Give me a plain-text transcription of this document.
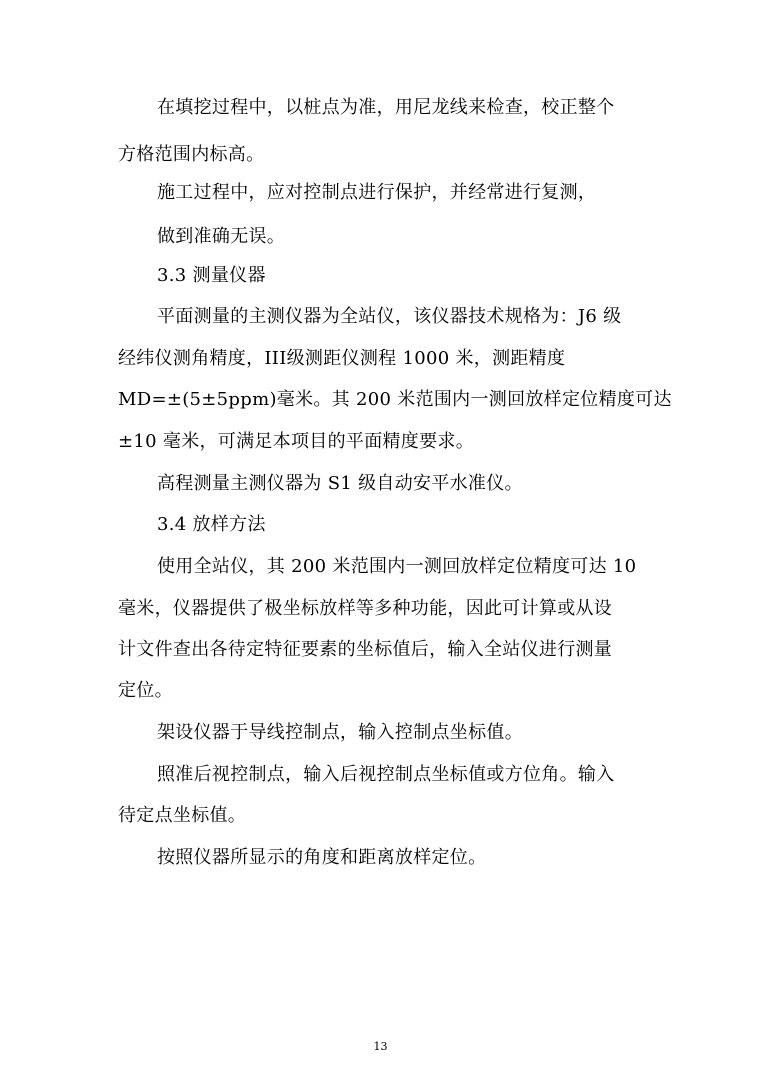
在填挖过程中，以桩点为准，用尼龙线来检查，校正整个
方格范围内标高。
施工过程中，应对控制点进行保护，并经常进行复测，
做到准确无误。
3.3 测量仪器
平面测量的主测仪器为全站仪，该仪器技术规格为：J6 级
经纬仪测角精度，III级测距仪测程 1000 米，测距精度
MD=±(5±5ppm)毫米。其 200 米范围内一测回放样定位精度可达
±10 毫米，可满足本项目的平面精度要求。
高程测量主测仪器为 S1 级自动安平水准仪。
3.4 放样方法
使用全站仪，其 200 米范围内一测回放样定位精度可达 10
毫米，仪器提供了极坐标放样等多种功能，因此可计算或从设
计文件查出各待定特征要素的坐标值后，输入全站仪进行测量
定位。
架设仪器于导线控制点，输入控制点坐标值。
照准后视控制点，输入后视控制点坐标值或方位角。输入
待定点坐标值。
按照仪器所显示的角度和距离放样定位。
13
